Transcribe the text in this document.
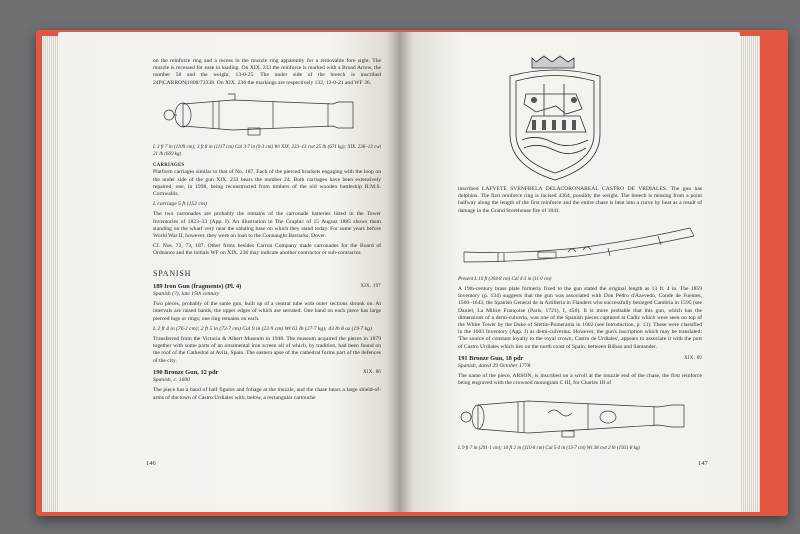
on the reinforce ring and a recess in the muzzle ring apparently for a removable fore sight. The muzzle is recessed for ease in loading. On XIX. 233 the reinforce is marked with a Broad Arrow, the number 58 and the weight, 13-0-25. The under side of the breech is inscribed 24P|CARRON|1808/73338. On XIX. 236 the markings are respectively 132, 13-0-21 and WF 36.

L 3 ft 7 in (1109 cm); 3 ft 8 in (1117 cm) Cal 3·7 in (9·3 cm) Wt XIX. 233–13 cwt 25 lb (671 kg); XIX. 236–13 cwt 21 lb (669 kg)

CARRIAGES

Platform carriages similar to that of No. 187. Each of the pierced brackets engaging with the loop on the under side of the gun XIX. 233 bears the number 24. Both carriages have been extensively repaired, one, in 1998, being reconstructed from timbers of the old wooden battleship H.M.S. Cornwallis.

L carriage 5 ft (152 cm)

The two carronades are probably the remains of the carronade batteries listed in the Tower Inventories of 1823–33 (App. I). An illustration in The Graphic of 15 August 1885 shows them standing on the wharf very near the saluting base on which they stand today. For some years before World War II, however, they were on loan to the Connaught Barracks, Dover.

Cf. Nos. 72, 73, 187. Other firms besides Carron Company made carronades for the Board of Ordnance and the initials WF on XIX. 236 may indicate another contractor or sub-contractor.

SPANISH
189 Iron Gun (fragments) (Pl. 4)	XIX. 197

Spanish (?), late 15th century

Two pieces, probably of the same gun, built up of a central tube with outer sections shrunk on. At intervals are raised bands, the upper edges of which are serrated. One band on each piece has large pierced lugs or rings; one ring remains on each.

L 2 ft 4 in (76·2 cm); 2 ft 5 in (73·7 cm) Cal 9 in (22·9 cm) Wt 61 lb (27·7 kg); 43 lb 8 oz (19·7 kg)

Transferred from the Victoria & Albert Museum in 1948. The museum acquired the pieces in 1879 together with some parts of an ornamental iron screen all of which, by tradition, had been found on the roof of the Cathedral at Avila, Spain. The eastern apse of the cathedral forms part of the defences of the city.

190 Bronze Gun, 12 pdr	XIX. 86

Spanish, c. 1600

The piece has a band of half figures and foliage at the muzzle, and the chase bears a large shield-of-arms of the town of Castro Urdiales with, below, a rectangular cartouche

146

inscribed LAFVETE SVENFBELA DELACORONAREAL CASTRO DE VRDIALES. The gun has dolphins. The first reinforce ring is incised 4364, possibly the weight. The breech is missing from a point halfway along the length of the first reinforce and the entire chase is bent into a curve by heat as a result of damage in the Grand Storehouse fire of 1841.

Present L 10 ft (304·8 cm) Cal 4·3 in (11·0 cm)

A 19th-century brass plate formerly fixed to the gun stated the original length as 13 ft. 4 in. The 1859 Inventory (p. 134) suggests that the gun was associated with Don Pedro d'Azevedo, Conde de Fuentes, 1560–1643, the Spanish General de la Artilleria in Flanders who successfully besieged Cambria in 1595 (see Daniel, La Milice Françoise (Paris, 1721), I, 450). It is more probable that this gun, which has the dimensions of a demi-culverin, was one of the Spanish pieces captured at Cadiz which were seen on top of the White Tower by the Duke of Stettin-Pomerania in 1602 (see Introduction, p. 13). These were classified in the 1603 Inventory (App. I) as demi-culverins. However, the gun's inscription which may be translated: 'The source of constant loyalty to the royal crown, Castro de Urdiales', appears to associate it with the port of Castro Urdiales which lies on the north coast of Spain, between Bilbao and Santander.

191 Bronze Gun, 18 pdr	XIX. 89

Spanish, dated 29 October 1778

The name of the piece, ARSON, is inscribed on a scroll at the muzzle end of the chase, the first reinforce being engraved with the crowned monogram C III, for Charles III of

L 9 ft 7 in (291·1 cm); 10 ft 2 in (310·0 cm) Cal 5·4 in (13·7 cm) Wt 38 cwt 2 lb (1931·8 kg)

147
